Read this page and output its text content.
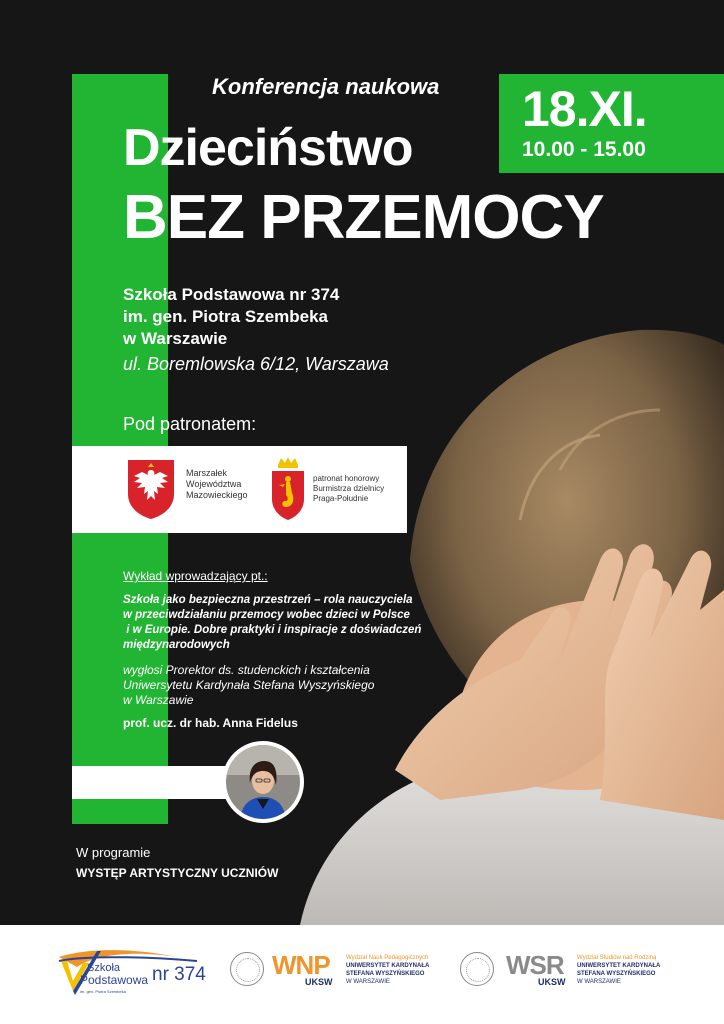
18.XI.
10.00 - 15.00
Konferencja naukowa
Dzieciństwo
BEZ PRZEMOCY
Szkoła Podstawowa nr 374
im. gen. Piotra Szembeka
w Warszawie
ul. Boremlowska 6/12, Warszawa
Pod patronatem:
Marszałek
Województwa
Mazowieckiego
patronat honorowy
Burmistrza dzielnicy
Praga-Południe
Wykład wprowadzający pt.:
Szkoła jako bezpieczna przestrzeń – rola nauczyciela
w przeciwdziałaniu przemocy wobec dzieci w Polsce
i w Europie. Dobre praktyki i inspiracje z doświadczeń
międzynarodowych
wygłosi Prorektor ds. studenckich i kształcenia
Uniwersytetu Kardynała Stefana Wyszyńskiego
w Warszawie
prof. ucz. dr hab. Anna Fidelus
W programie
WYSTĘP ARTYSTYCZNY UCZNIÓW
Szkoła
Podstawowa nr 374
im. gen. Piotra Szembeka
WNP
UKSW
Wydział Nauk Pedagogicznych
UNIWERSYTET KARDYNAŁA
STEFANA WYSZYŃSKIEGO
W WARSZAWIE
WSR
UKSW
Wydział Studiów nad Rodziną
UNIWERSYTET KARDYNAŁA
STEFANA WYSZYŃSKIEGO
W WARSZAWIE
